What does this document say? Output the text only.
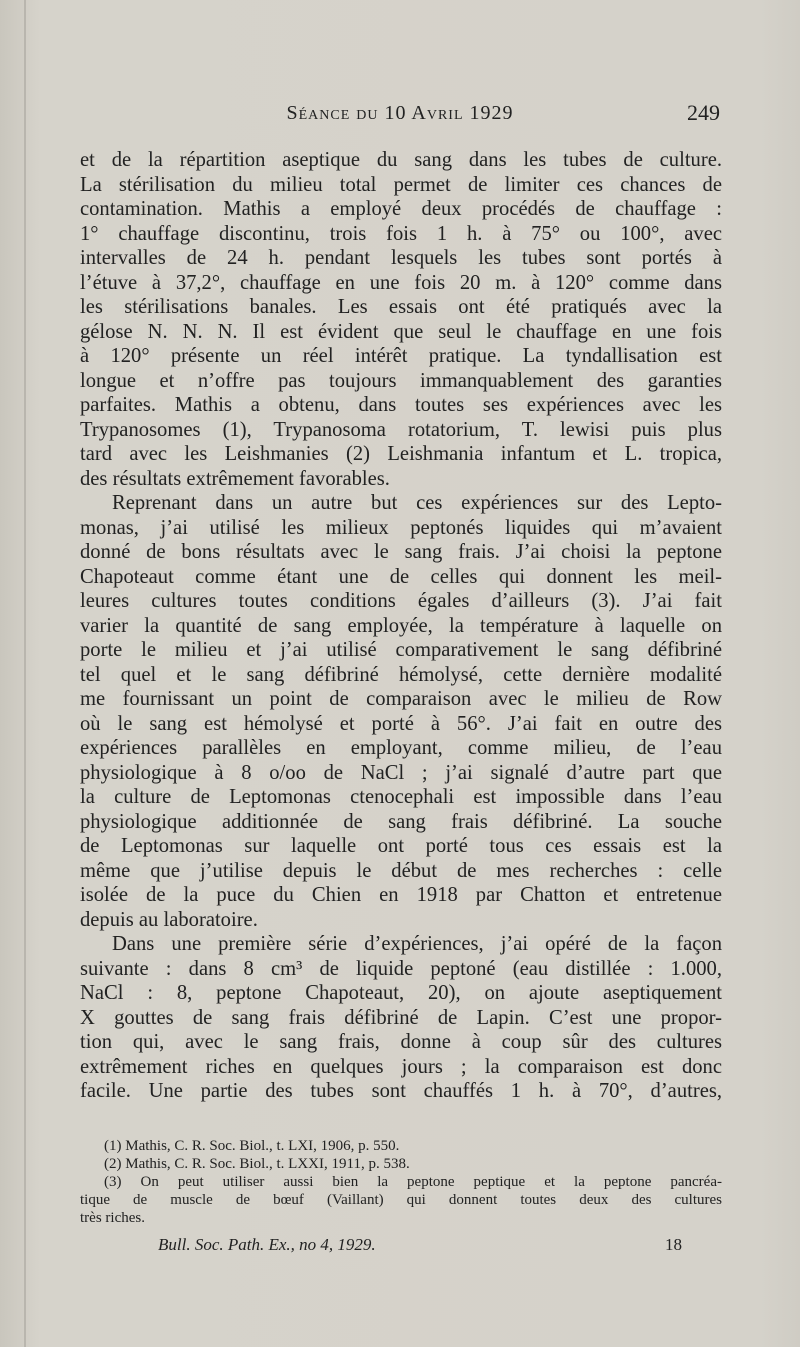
Séance du 10 Avril 1929	249
et de la répartition aseptique du sang dans les tubes de culture.
La stérilisation du milieu total permet de limiter ces chances de
contamination. Mathis a employé deux procédés de chauffage :
1° chauffage discontinu, trois fois 1 h. à 75° ou 100°, avec
intervalles de 24 h. pendant lesquels les tubes sont portés à
l’étuve à 37,2°, chauffage en une fois 20 m. à 120° comme dans
les stérilisations banales. Les essais ont été pratiqués avec la
gélose N. N. N. Il est évident que seul le chauffage en une fois
à 120° présente un réel intérêt pratique. La tyndallisation est
longue et n’offre pas toujours immanquablement des garanties
parfaites. Mathis a obtenu, dans toutes ses expériences avec les
Trypanosomes (1), Trypanosoma rotatorium, T. lewisi puis plus
tard avec les Leishmanies (2) Leishmania infantum et L. tropica,
des résultats extrêmement favorables.
Reprenant dans un autre but ces expériences sur des Lepto-
monas, j’ai utilisé les milieux peptonés liquides qui m’avaient
donné de bons résultats avec le sang frais. J’ai choisi la peptone
Chapoteaut comme étant une de celles qui donnent les meil-
leures cultures toutes conditions égales d’ailleurs (3). J’ai fait
varier la quantité de sang employée, la température à laquelle on
porte le milieu et j’ai utilisé comparativement le sang défibriné
tel quel et le sang défibriné hémolysé, cette dernière modalité
me fournissant un point de comparaison avec le milieu de Row
où le sang est hémolysé et porté à 56°. J’ai fait en outre des
expériences parallèles en employant, comme milieu, de l’eau
physiologique à 8 o/oo de NaCl ; j’ai signalé d’autre part que
la culture de Leptomonas ctenocephali est impossible dans l’eau
physiologique additionnée de sang frais défibriné. La souche
de Leptomonas sur laquelle ont porté tous ces essais est la
même que j’utilise depuis le début de mes recherches : celle
isolée de la puce du Chien en 1918 par Chatton et entretenue
depuis au laboratoire.
Dans une première série d’expériences, j’ai opéré de la façon
suivante : dans 8 cm³ de liquide peptoné (eau distillée : 1.000,
NaCl : 8, peptone Chapoteaut, 20), on ajoute aseptiquement
X gouttes de sang frais défibriné de Lapin. C’est une propor-
tion qui, avec le sang frais, donne à coup sûr des cultures
extrêmement riches en quelques jours ; la comparaison est donc
facile. Une partie des tubes sont chauffés 1 h. à 70°, d’autres,
(1) Mathis, C. R. Soc. Biol., t. LXI, 1906, p. 550.
(2) Mathis, C. R. Soc. Biol., t. LXXI, 1911, p. 538.
(3) On peut utiliser aussi bien la peptone peptique et la peptone pancréa-
tique de muscle de bœuf (Vaillant) qui donnent toutes deux des cultures
très riches.
Bull. Soc. Path. Ex., no 4, 1929.	18
